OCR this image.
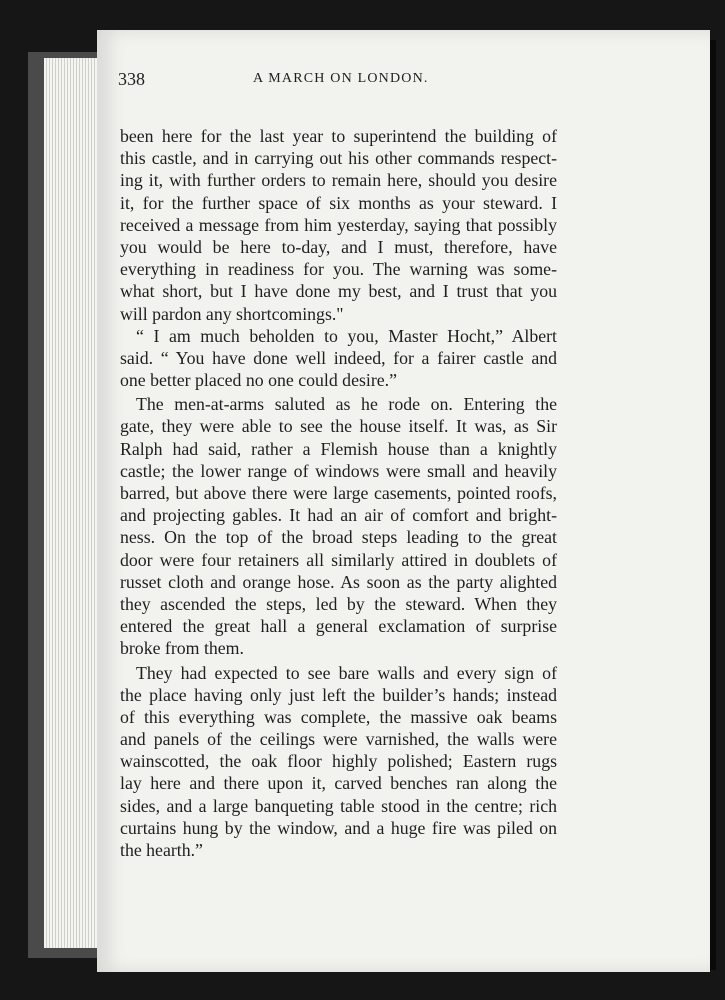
338	A MARCH ON LONDON.
been here for the last year to superintend the building of
this castle, and in carrying out his other commands respect-
ing it, with further orders to remain here, should you desire
it, for the further space of six months as your steward. I
received a message from him yesterday, saying that possibly
you would be here to-day, and I must, therefore, have
everything in readiness for you. The warning was some-
what short, but I have done my best, and I trust that you
will pardon any shortcomings."
“ I am much beholden to you, Master Hocht,” Albert
said. “ You have done well indeed, for a fairer castle and
one better placed no one could desire.”
The men-at-arms saluted as he rode on. Entering the
gate, they were able to see the house itself. It was, as Sir
Ralph had said, rather a Flemish house than a knightly
castle; the lower range of windows were small and heavily
barred, but above there were large casements, pointed roofs,
and projecting gables. It had an air of comfort and bright-
ness. On the top of the broad steps leading to the great
door were four retainers all similarly attired in doublets of
russet cloth and orange hose. As soon as the party alighted
they ascended the steps, led by the steward. When they
entered the great hall a general exclamation of surprise
broke from them.
They had expected to see bare walls and every sign of
the place having only just left the builder’s hands; instead
of this everything was complete, the massive oak beams
and panels of the ceilings were varnished, the walls were
wainscotted, the oak floor highly polished; Eastern rugs
lay here and there upon it, carved benches ran along the
sides, and a large banqueting table stood in the centre; rich
curtains hung by the window, and a huge fire was piled on
the hearth.”
